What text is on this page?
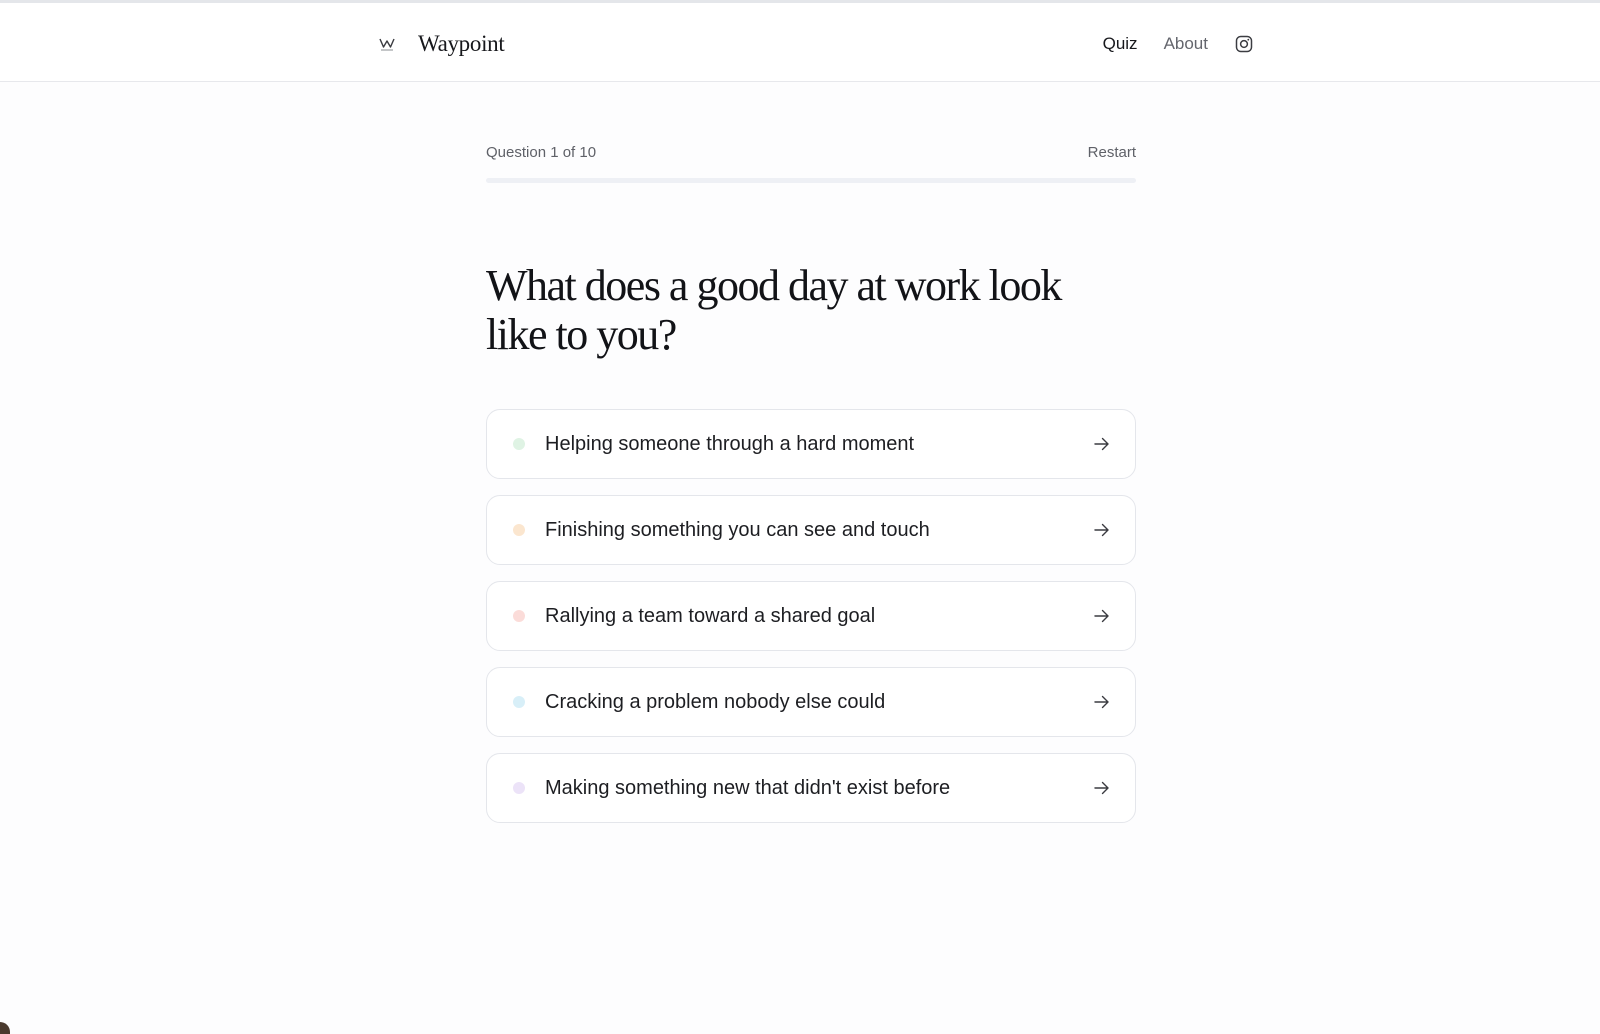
Waypoint	Quiz About
Question 1 of 10	Restart
What does a good day at work look like to you?
Helping someone through a hard moment
Finishing something you can see and touch
Rallying a team toward a shared goal
Cracking a problem nobody else could
Making something new that didn't exist before
